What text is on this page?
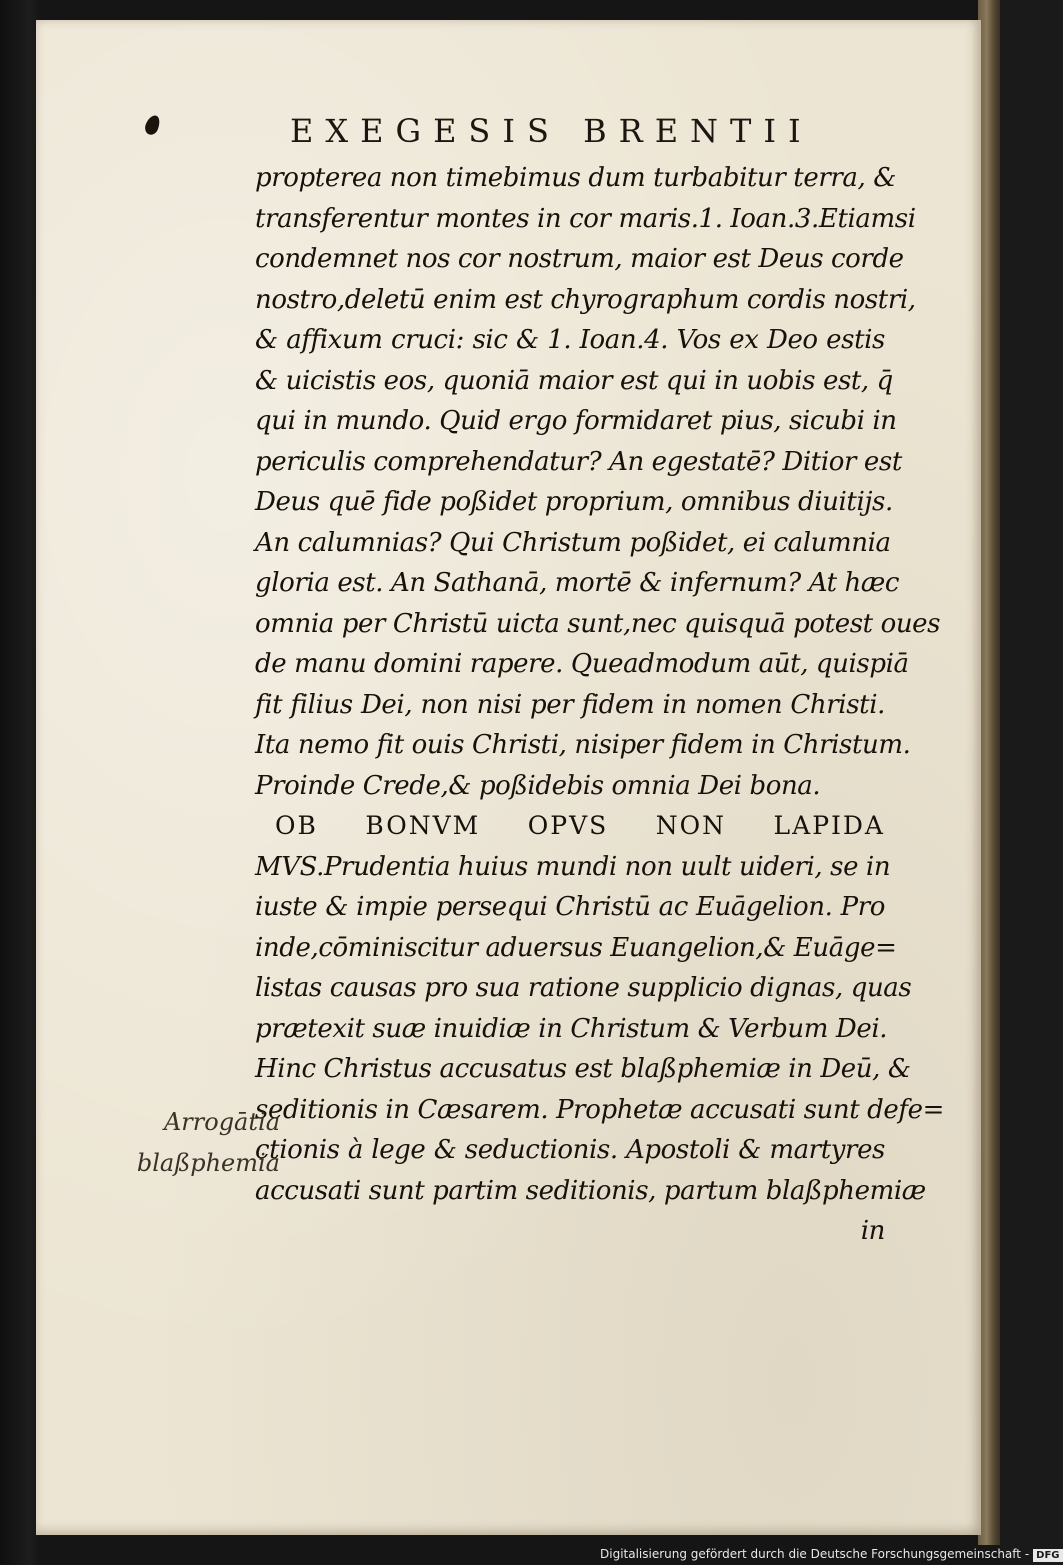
EXEGESIS BRENTII
propterea non timebimus dum turbabitur terra, &
transferentur montes in cor maris.1. Ioan.3.Etiamsi
condemnet nos cor nostrum, maior est Deus corde
nostro,deletū enim est chyrographum cordis nostri,
& affixum cruci: sic & 1. Ioan.4. Vos ex Deo estis
& uicistis eos, quoniā maior est qui in uobis est, q̄
qui in mundo. Quid ergo formidaret pius, sicubi in
periculis comprehendatur? An egestatē? Ditior est
Deus quē fide poßidet proprium, omnibus diuitijs.
An calumnias? Qui Christum poßidet, ei calumnia
gloria est. An Sathanā, mortē & infernum? At hæc
omnia per Christū uicta sunt,nec quisquā potest oues
de manu domini rapere. Queadmodum aūt, quispiā
fit filius Dei, non nisi per fidem in nomen Christi.
Ita nemo fit ouis Christi, nisiper fidem in Christum.
Proinde Crede,& poßidebis omnia Dei bona.
OB BONVM OPVS NON LAPIDA
MVS.Prudentia huius mundi non uult uideri, se in
iuste & impie persequi Christū ac Euāgelion. Pro
inde,cōminiscitur aduersus Euangelion,& Euāge=
listas causas pro sua ratione supplicio dignas, quas
prætexit suæ inuidiæ in Christum & Verbum Dei.
Hinc Christus accusatus est blaßphemiæ in Deū, &
seditionis in Cæsarem. Prophetæ accusati sunt defe=
ctionis à lege & seductionis. Apostoli & martyres
accusati sunt partim seditionis, partum blaßphemiæ
in
Arrogātia
blaßphemia
Digitalisierung gefördert durch die Deutsche Forschungsgemeinschaft - DFG
